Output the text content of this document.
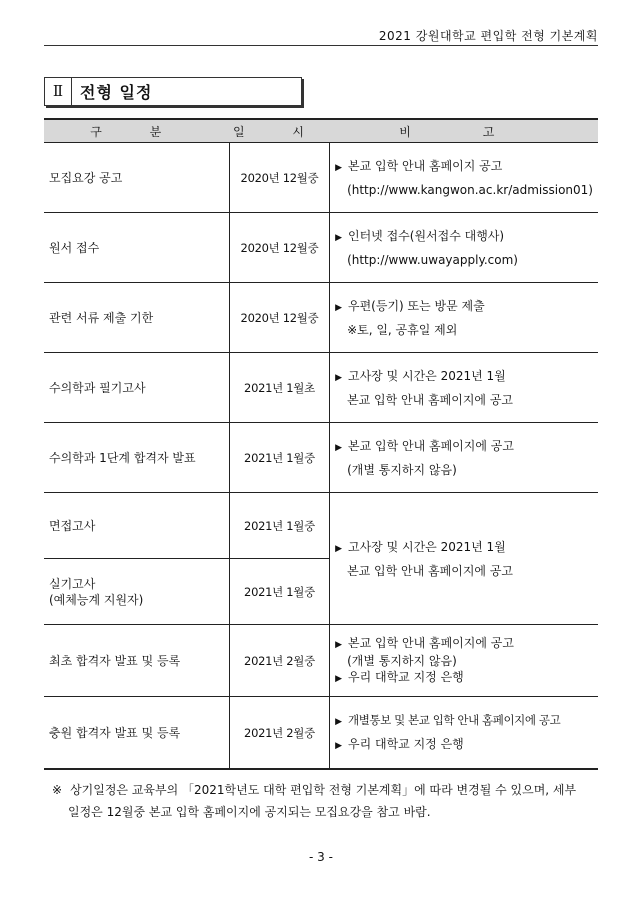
2021 강원대학교 편입학 전형 기본계획
Ⅱ	전형 일정
구 분	일 시	비 고

모집요강 공고	2020년 12월중	▶ 본교 입학 안내 홈페이지 공고
(http://www.kangwon.ac.kr/admission01)

원서 접수	2020년 12월중	▶ 인터넷 접수(원서접수 대행사)
(http://www.uwayapply.com)

관련 서류 제출 기한	2020년 12월중	▶ 우편(등기) 또는 방문 제출
※토, 일, 공휴일 제외

수의학과 필기고사	2021년 1월초	▶ 고사장 및 시간은 2021년 1월
본교 입학 안내 홈페이지에 공고

수의학과 1단계 합격자 발표	2021년 1월중	▶ 본교 입학 안내 홈페이지에 공고
(개별 통지하지 않음)

면접고사	2021년 1월중	▶ 고사장 및 시간은 2021년 1월
본교 입학 안내 홈페이지에 공고

실기고사
(예체능계 지원자)	2021년 1월중	

최초 합격자 발표 및 등록	2021년 2월중	▶ 본교 입학 안내 홈페이지에 공고
(개별 통지하지 않음)
▶ 우리 대학교 지정 은행

충원 합격자 발표 및 등록	2021년 2월중	▶ 개별통보 및 본교 입학 안내 홈페이지에 공고
▶ 우리 대학교 지정 은행
※ 상기일정은 교육부의 「2021학년도 대학 편입학 전형 기본계획」에 따라 변경될 수 있으며, 세부
일정은 12월중 본교 입학 홈페이지에 공지되는 모집요강을 참고 바람.
- 3 -
